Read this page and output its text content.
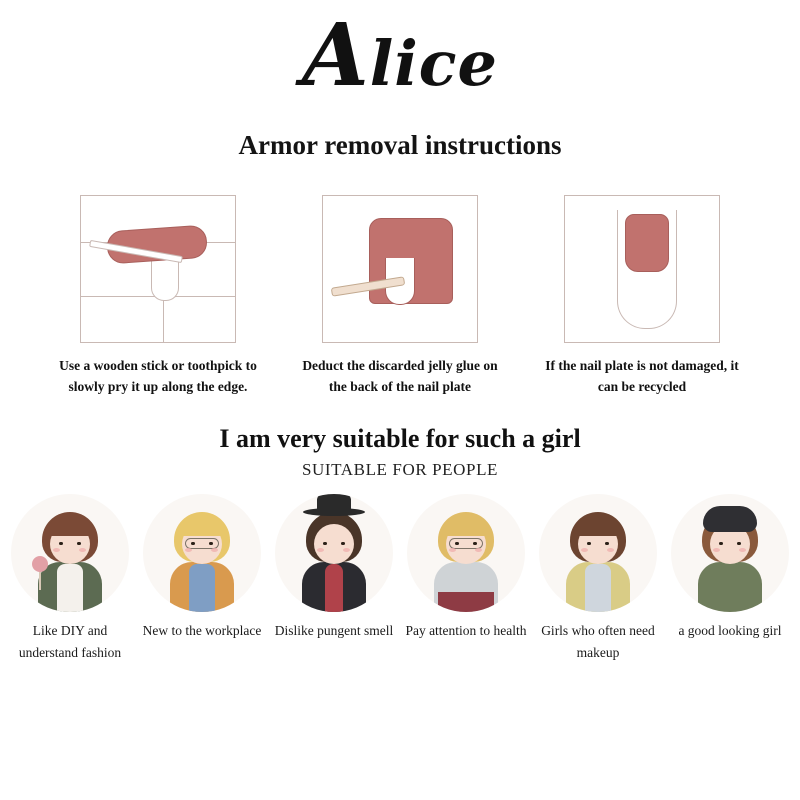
Alice
Armor removal instructions
Use a wooden stick or toothpick to slowly pry it up along the edge.
Deduct the discarded jelly glue on the back of the nail plate
If the nail plate is not damaged, it can be recycled
I am very suitable for such a girl
SUITABLE FOR PEOPLE
Like DIY and understand fashion
New to the workplace Dislike pungent smell Pay attention to health	Girls who often need makeup
a good looking girl
